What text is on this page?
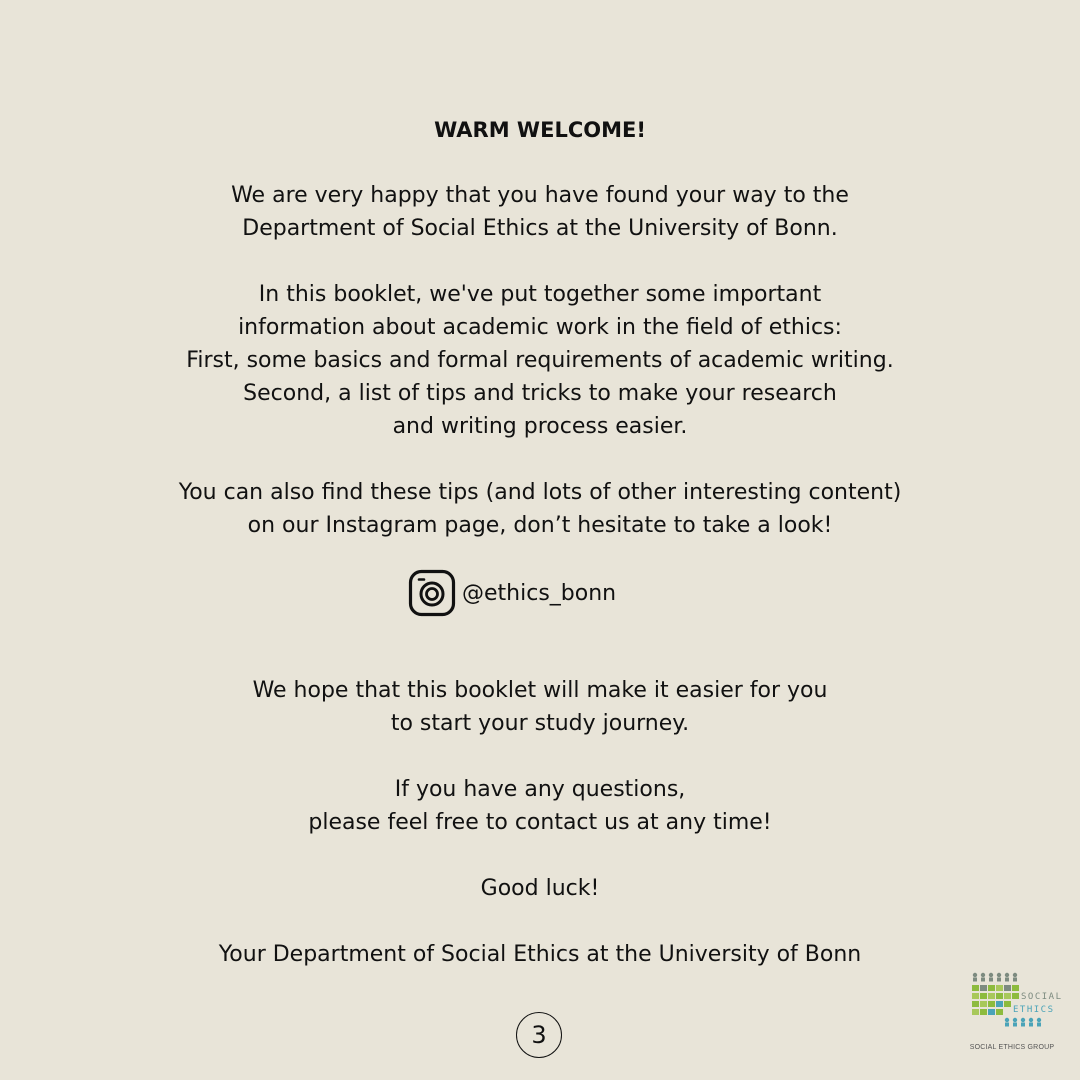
WARM WELCOME!
We are very happy that you have found your way to the
Department of Social Ethics at the University of Bonn.
In this booklet, we've put together some important
information about academic work in the field of ethics:
First, some basics and formal requirements of academic writing.
Second, a list of tips and tricks to make your research
and writing process easier.
You can also find these tips (and lots of other interesting content)
on our Instagram page, don’t hesitate to take a look!
@ethics_bonn
We hope that this booklet will make it easier for you
to start your study journey.
If you have any questions,
please feel free to contact us at any time!
Good luck!
Your Department of Social Ethics at the University of Bonn
3
SOCIAL
ETHICS
SOCIAL ETHICS GROUP
